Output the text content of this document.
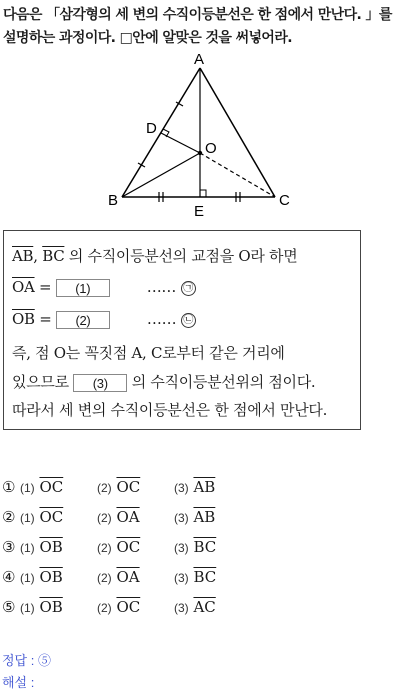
다음은 「삼각형의 세 변의 수직이등분선은 한 점에서 만난다. 」를
설명하는 과정이다. □안에 알맞은 것을 써넣어라.
A
B	C
D
E
O
$\overline{AB}$, $\overline{BC}$ 의 수직이등분선의 교점을 O라 하면
$\overline{OA} = (1)$	…… ㉠
$\overline{OB} = (2)$	…… ㉡
즉, 점 O는 꼭짓점 A, C로부터 같은 거리에
있으므로 (3) 의 수직이등분선위의 점이다.
따라서 세 변의 수직이등분선은 한 점에서 만난다.
① (1) $\overline{OC}$	(2) $\overline{OC}$	(3) $\overline{AB}$
② (1) $\overline{OC}$	(2) $\overline{OA}$	(3) $\overline{AB}$
③ (1) $\overline{OB}$	(2) $\overline{OC}$	(3) $\overline{BC}$
④ (1) $\overline{OB}$	(2) $\overline{OA}$	(3) $\overline{BC}$
⑤ (1) $\overline{OB}$	(2) $\overline{OC}$	(3) $\overline{AC}$
정답 : ⑤
해설 :
